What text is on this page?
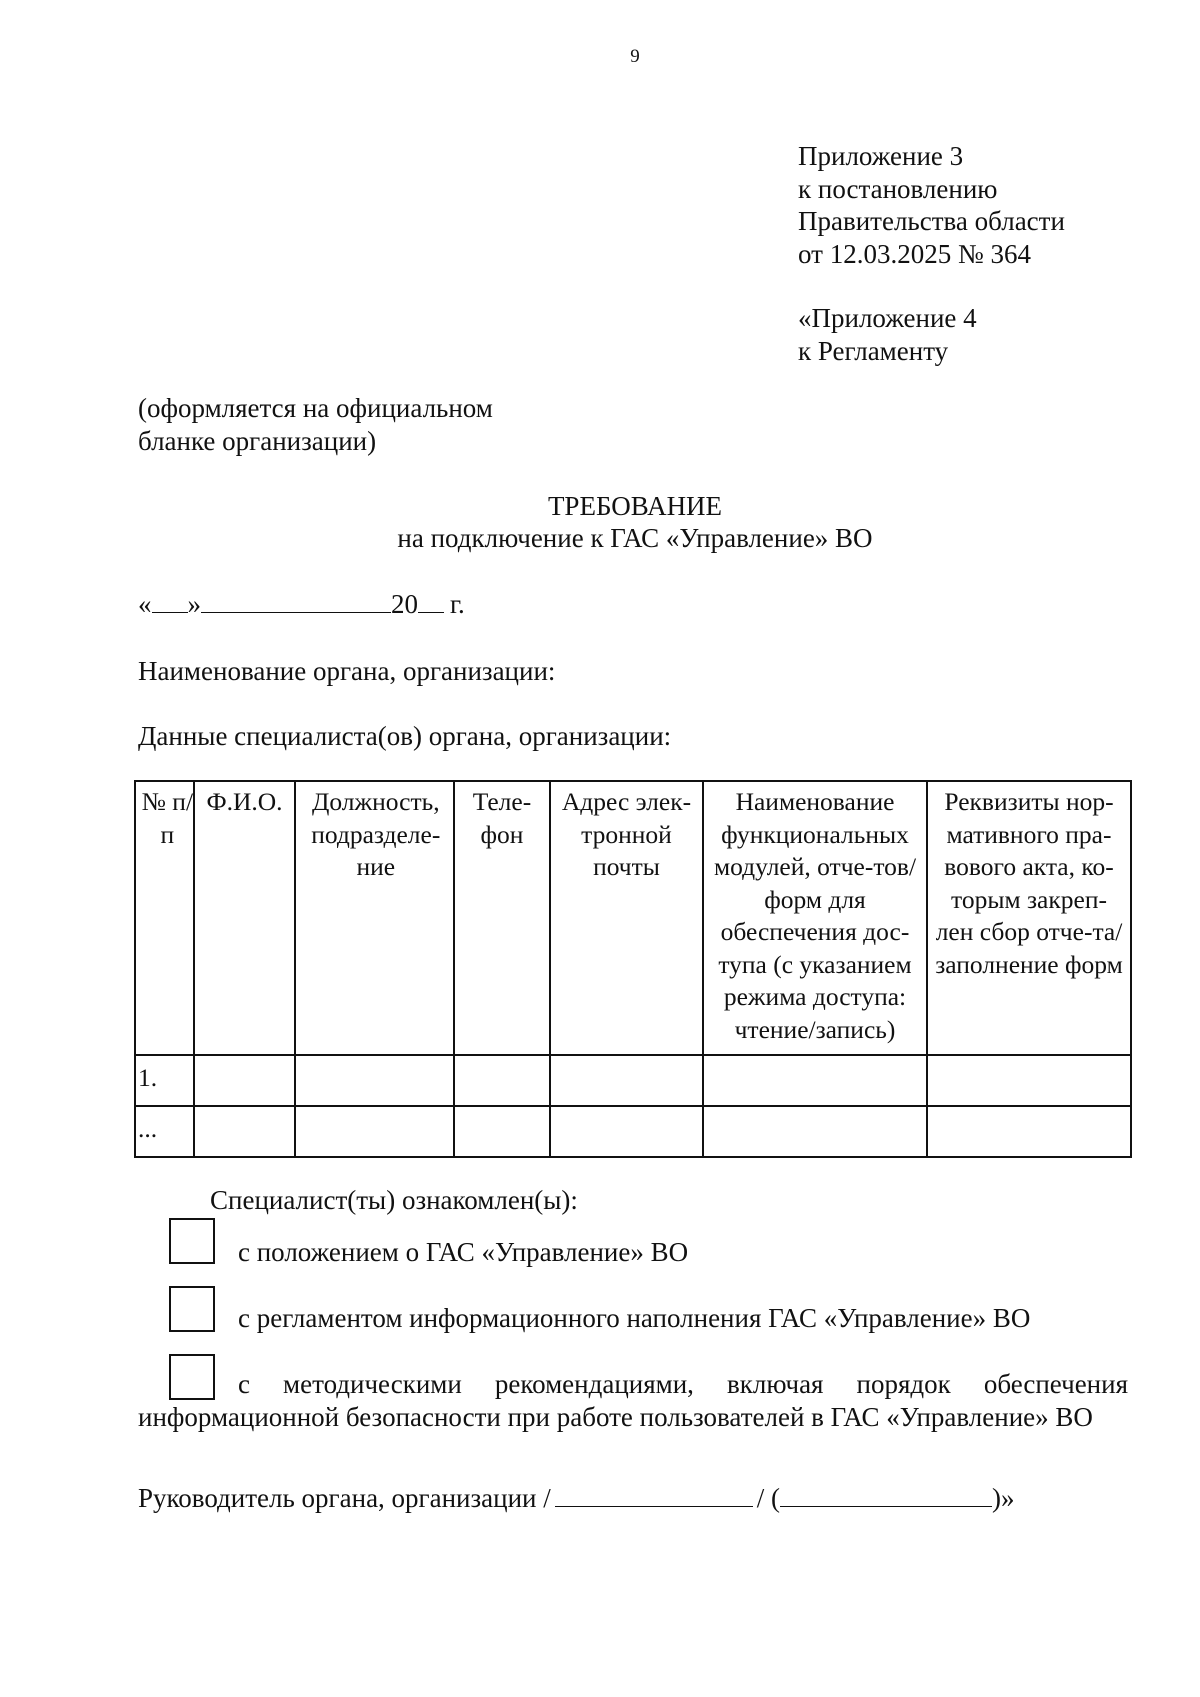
9
Приложение 3
к постановлению
Правительства области
от 12.03.2025 № 364
«Приложение 4
к Регламенту
(оформляется на официальном
бланке организации)
ТРЕБОВАНИЕ
на подключение к ГАС «Управление» ВО
« »	20 г.
Наименование органа, организации:
Данные специалиста(ов) органа, организации:
№ п/п	Ф.И.О.	Должность, подразделе-ние	Теле-фон	Адрес элек-тронной почты	Наименование функциональных модулей, отче-тов/форм для обеспечения дос-тупа (с указанием режима доступа: чтение/запись)	Реквизиты нор-мативного пра-вового акта, ко-торым закреп-лен сбор отче-та/заполнение форм

1.						
...						
Специалист(ты) ознакомлен(ы):
с положением о ГАС «Управление» ВО
с регламентом информационного наполнения ГАС «Управление» ВО
с методическими рекомендациями, включая порядок обеспечения информационной безопасности при работе пользователей в ГАС «Управление» ВО
Руководитель органа, организации /	/ (	)»
